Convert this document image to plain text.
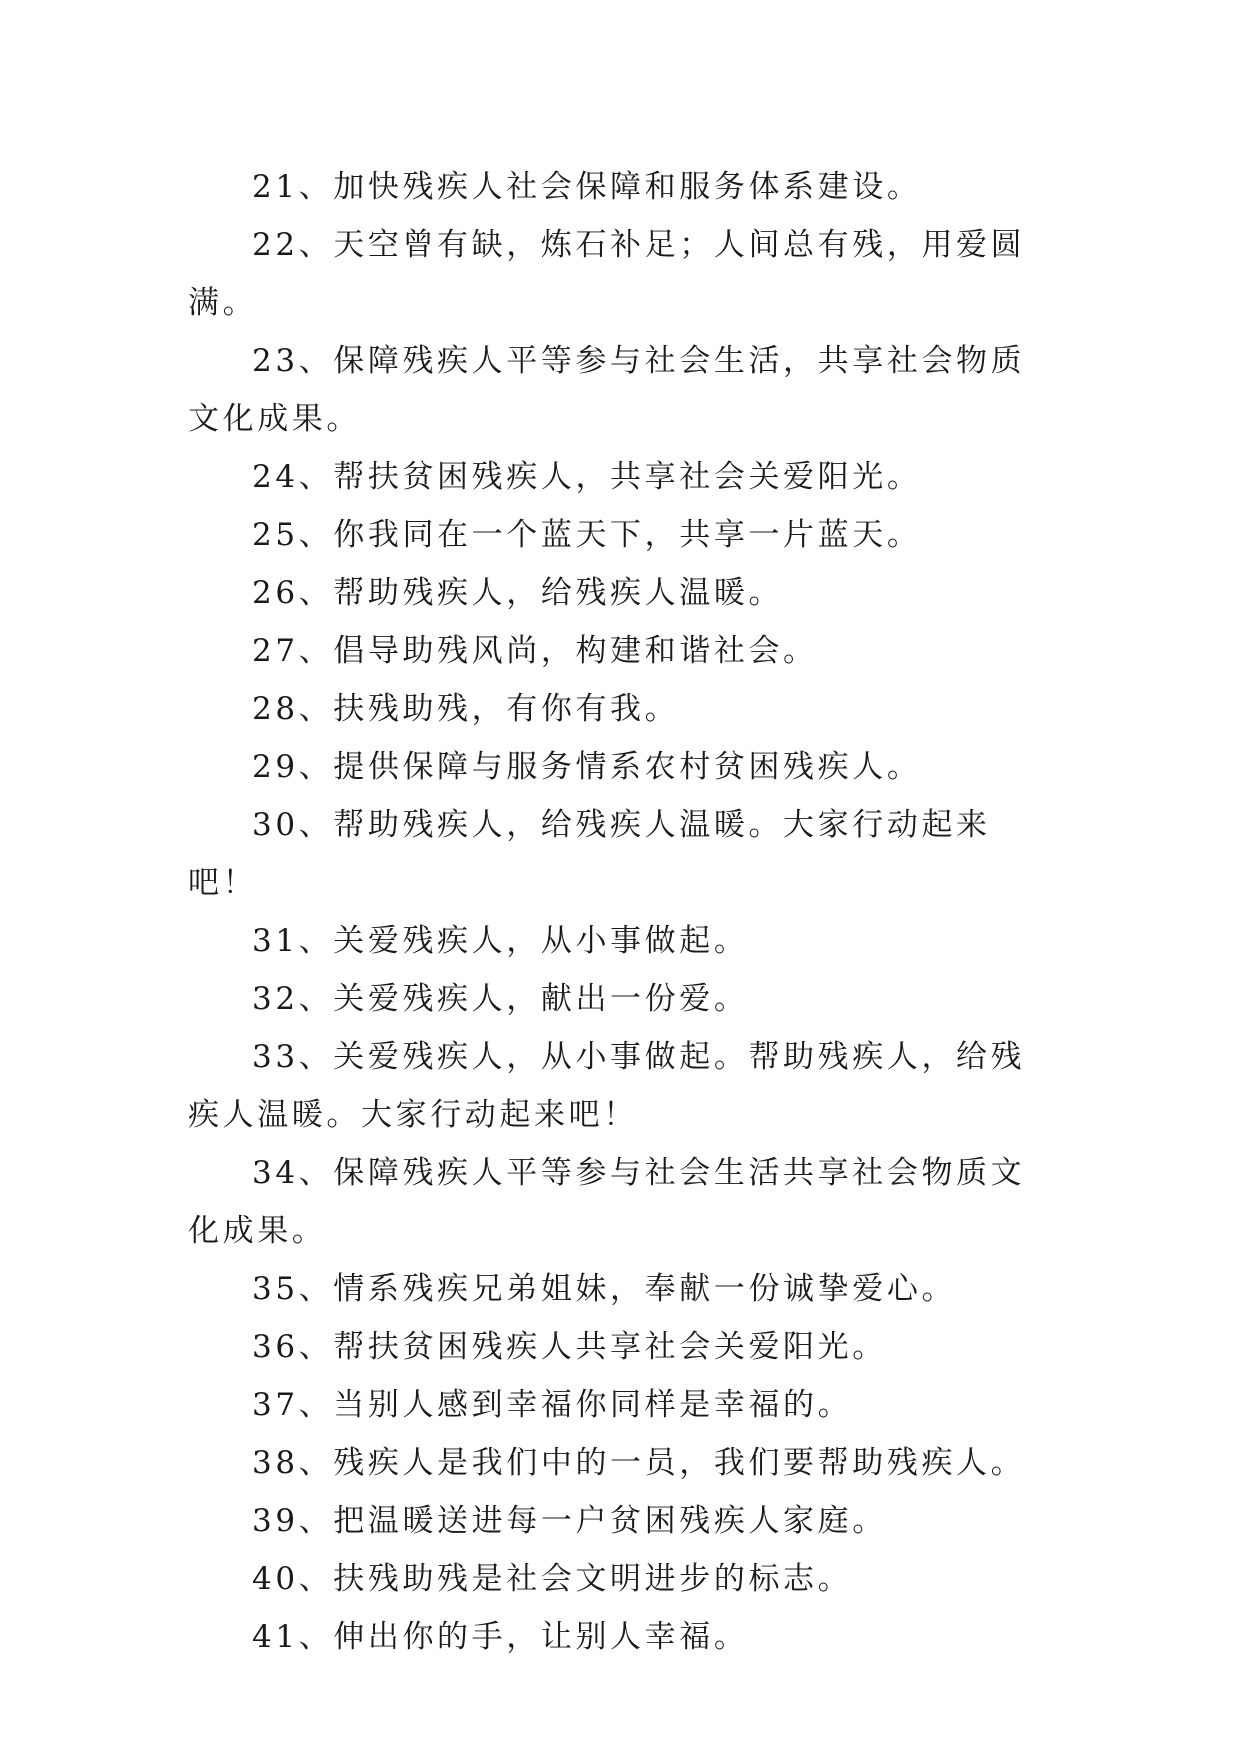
21、加快残疾人社会保障和服务体系建设。

22、天空曾有缺，炼石补足；人间总有残，用爱圆满。

23、保障残疾人平等参与社会生活，共享社会物质文化成果。

24、帮扶贫困残疾人，共享社会关爱阳光。

25、你我同在一个蓝天下，共享一片蓝天。

26、帮助残疾人，给残疾人温暖。

27、倡导助残风尚，构建和谐社会。

28、扶残助残，有你有我。

29、提供保障与服务情系农村贫困残疾人。

30、帮助残疾人，给残疾人温暖。大家行动起来吧！

31、关爱残疾人，从小事做起。

32、关爱残疾人，献出一份爱。

33、关爱残疾人，从小事做起。帮助残疾人，给残疾人温暖。大家行动起来吧！

34、保障残疾人平等参与社会生活共享社会物质文化成果。

35、情系残疾兄弟姐妹，奉献一份诚挚爱心。

36、帮扶贫困残疾人共享社会关爱阳光。

37、当别人感到幸福你同样是幸福的。

38、残疾人是我们中的一员，我们要帮助残疾人。

39、把温暖送进每一户贫困残疾人家庭。

40、扶残助残是社会文明进步的标志。

41、伸出你的手，让别人幸福。
